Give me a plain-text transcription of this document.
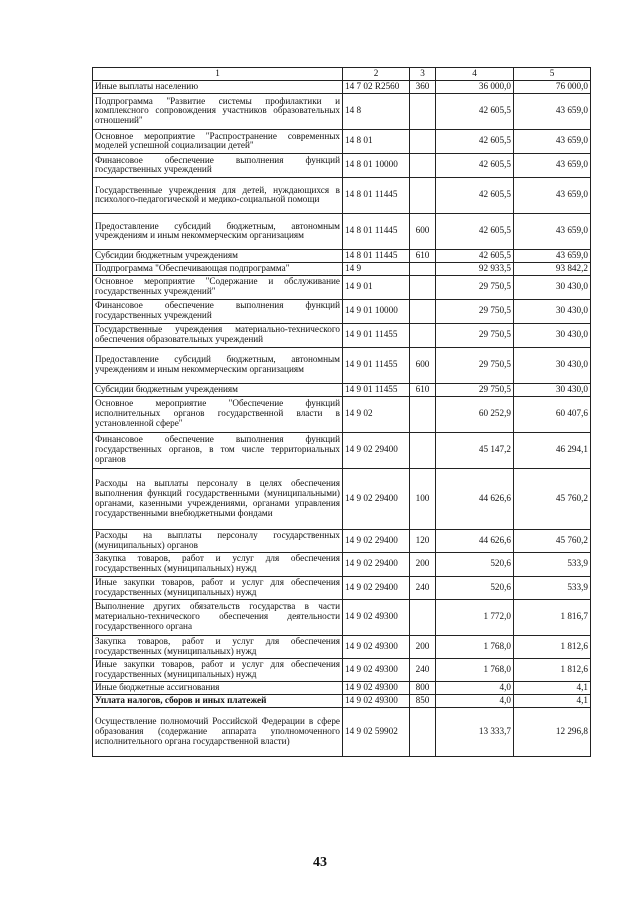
1	2	3	4	5
Иные выплаты населению	14 7 02 R2560	360	36 000,0	76 000,0
Подпрограмма "Развитие системы профилактики и комплексного сопровождения участников образовательных отношений"	14 8		42 605,5	43 659,0
Основное мероприятие "Распространение современных моделей успешной социализации детей"	14 8 01		42 605,5	43 659,0
Финансовое обеспечение выполнения функций государственных учреждений	14 8 01 10000		42 605,5	43 659,0
Государственные учреждения для детей, нуждающихся в психолого-педагогической и медико-социальной помощи	14 8 01 11445		42 605,5	43 659,0
Предоставление субсидий бюджетным, автономным учреждениям и иным некоммерческим организациям	14 8 01 11445	600	42 605,5	43 659,0
Субсидии бюджетным учреждениям	14 8 01 11445	610	42 605,5	43 659,0
Подпрограмма "Обеспечивающая подпрограмма"	14 9		92 933,5	93 842,2
Основное мероприятие "Содержание и обслуживание государственных учреждений"	14 9 01		29 750,5	30 430,0
Финансовое обеспечение выполнения функций государственных учреждений	14 9 01 10000		29 750,5	30 430,0
Государственные учреждения материально-технического обеспечения образовательных учреждений	14 9 01 11455		29 750,5	30 430,0
Предоставление субсидий бюджетным, автономным учреждениям и иным некоммерческим организациям	14 9 01 11455	600	29 750,5	30 430,0
Субсидии бюджетным учреждениям	14 9 01 11455	610	29 750,5	30 430,0
Основное мероприятие "Обеспечение функций исполнительных органов государственной власти в установленной сфере"	14 9 02		60 252,9	60 407,6
Финансовое обеспечение выполнения функций государственных органов, в том числе территориальных органов	14 9 02 29400		45 147,2	46 294,1
Расходы на выплаты персоналу в целях обеспечения выполнения функций государственными (муниципальными) органами, казенными учреждениями, органами управления государственными внебюджетными фондами	14 9 02 29400	100	44 626,6	45 760,2
Расходы на выплаты персоналу государственных (муниципальных) органов	14 9 02 29400	120	44 626,6	45 760,2
Закупка товаров, работ и услуг для обеспечения государственных (муниципальных) нужд	14 9 02 29400	200	520,6	533,9
Иные закупки товаров, работ и услуг для обеспечения государственных (муниципальных) нужд	14 9 02 29400	240	520,6	533,9
Выполнение других обязательств государства в части материально-технического обеспечения деятельности государственного органа	14 9 02 49300		1 772,0	1 816,7
Закупка товаров, работ и услуг для обеспечения государственных (муниципальных) нужд	14 9 02 49300	200	1 768,0	1 812,6
Иные закупки товаров, работ и услуг для обеспечения государственных (муниципальных) нужд	14 9 02 49300	240	1 768,0	1 812,6
Иные бюджетные ассигнования	14 9 02 49300	800	4,0	4,1
Уплата налогов, сборов и иных платежей	14 9 02 49300	850	4,0	4,1
Осуществление полномочий Российской Федерации в сфере образования (содержание аппарата уполномоченного исполнительного органа государственной власти)	14 9 02 59902		13 333,7	12 296,8
43
